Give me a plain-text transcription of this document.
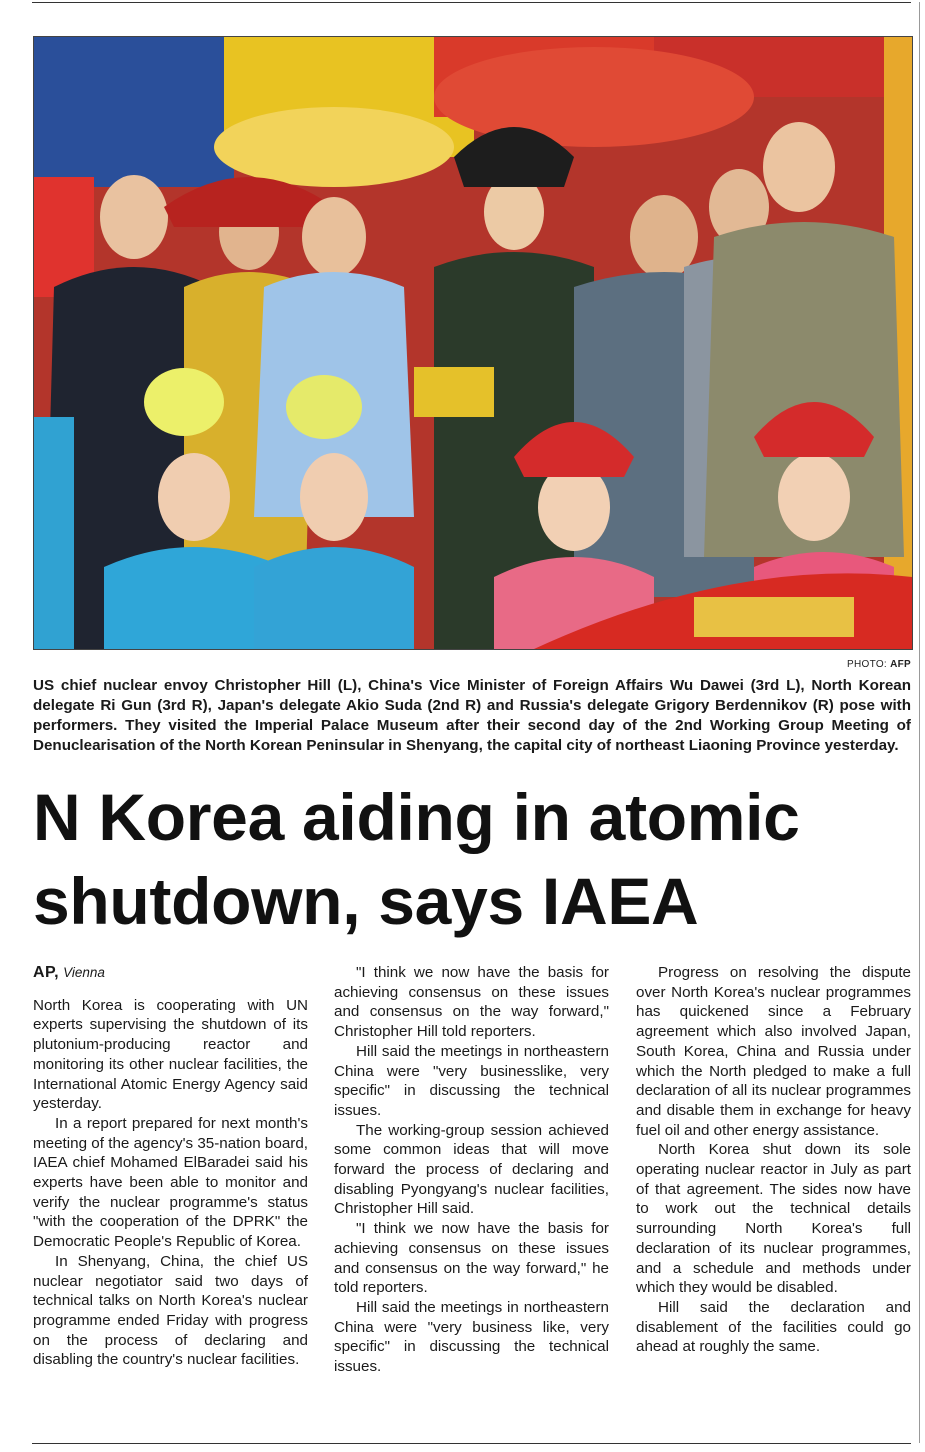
PHOTO: AFP
US chief nuclear envoy Christopher Hill (L), China's Vice Minister of Foreign Affairs Wu Dawei (3rd L), North Korean delegate Ri Gun (3rd R), Japan's delegate Akio Suda (2nd R) and Russia's delegate Grigory Berdennikov (R) pose with performers. They visited the Imperial Palace Museum after their second day of the 2nd Working Group Meeting of Denuclearisation of the North Korean Peninsular in Shenyang, the capital city of northeast Liaoning Province yesterday.
N Korea aiding in atomic shutdown, says IAEA
AP, Vienna

North Korea is cooperating with UN experts supervising the shutdown of its plutonium-producing reactor and monitoring its other nuclear facilities, the International Atomic Energy Agency said yesterday.

In a report prepared for next month's meeting of the agency's 35-nation board, IAEA chief Mohamed ElBaradei said his experts have been able to monitor and verify the nuclear programme's status "with the cooperation of the DPRK" the Democratic People's Republic of Korea.

In Shenyang, China, the chief US nuclear negotiator said two days of technical talks on North Korea's nuclear programme ended Friday with progress on the process of declaring and disabling the country's nuclear facilities.

"I think we now have the basis for achieving consensus on these issues and consensus on the way forward," Christopher Hill told reporters.

Hill said the meetings in northeastern China were "very businesslike, very specific" in discussing the technical issues.

The working-group session achieved some common ideas that will move forward the process of declaring and disabling Pyongyang's nuclear facilities, Christopher Hill said.

"I think we now have the basis for achieving consensus on these issues and consensus on the way forward," he told reporters.

Hill said the meetings in northeastern China were "very business like, very specific" in discussing the technical issues.

Progress on resolving the dispute over North Korea's nuclear programmes has quickened since a February agreement which also involved Japan, South Korea, China and Russia under which the North pledged to make a full declaration of all its nuclear programmes and disable them in exchange for heavy fuel oil and other energy assistance.

North Korea shut down its sole operating nuclear reactor in July as part of that agreement. The sides now have to work out the technical details surrounding North Korea's full declaration of its nuclear programmes, and a schedule and methods under which they would be disabled.

Hill said the declaration and disablement of the facilities could go ahead at roughly the same.
